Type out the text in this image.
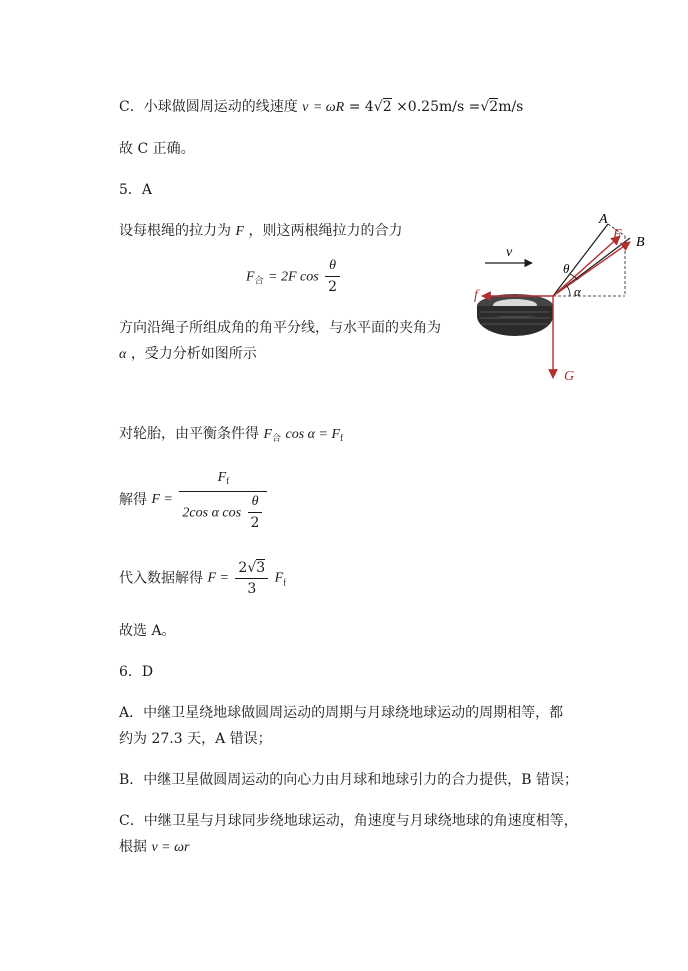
C．小球做圆周运动的线速度 v = ωR = 4√2 ×0.25m/s =√2m/s
故 C 正确。
5．A
设每根绳的拉力为 F ，则这两根绳拉力的合力
$F_合 = 2F$ $\cos \frac{\theta}{2}$
方向沿绳子所组成角的角平分线，与水平面的夹角为
α ，受力分析如图所示
v
f
G
A
B
F
θ
α
对轮胎，由平衡条件得 $F_合$ $\cos \alpha = F_f$
解得 $F = \frac{F_f}{2\cos \alpha \cos \frac{\theta}{2}}$
代入数据解得 $F = \frac{2√3}{3} F_f$
故选 A。
6．D
A．中继卫星绕地球做圆周运动的周期与月球绕地球运动的周期相等，都
约为 27.3 天，A 错误；
B．中继卫星做圆周运动的向心力由月球和地球引力的合力提供，B 错误；
C．中继卫星与月球同步绕地球运动，角速度与月球绕地球的角速度相等，
根据 v = ωr
